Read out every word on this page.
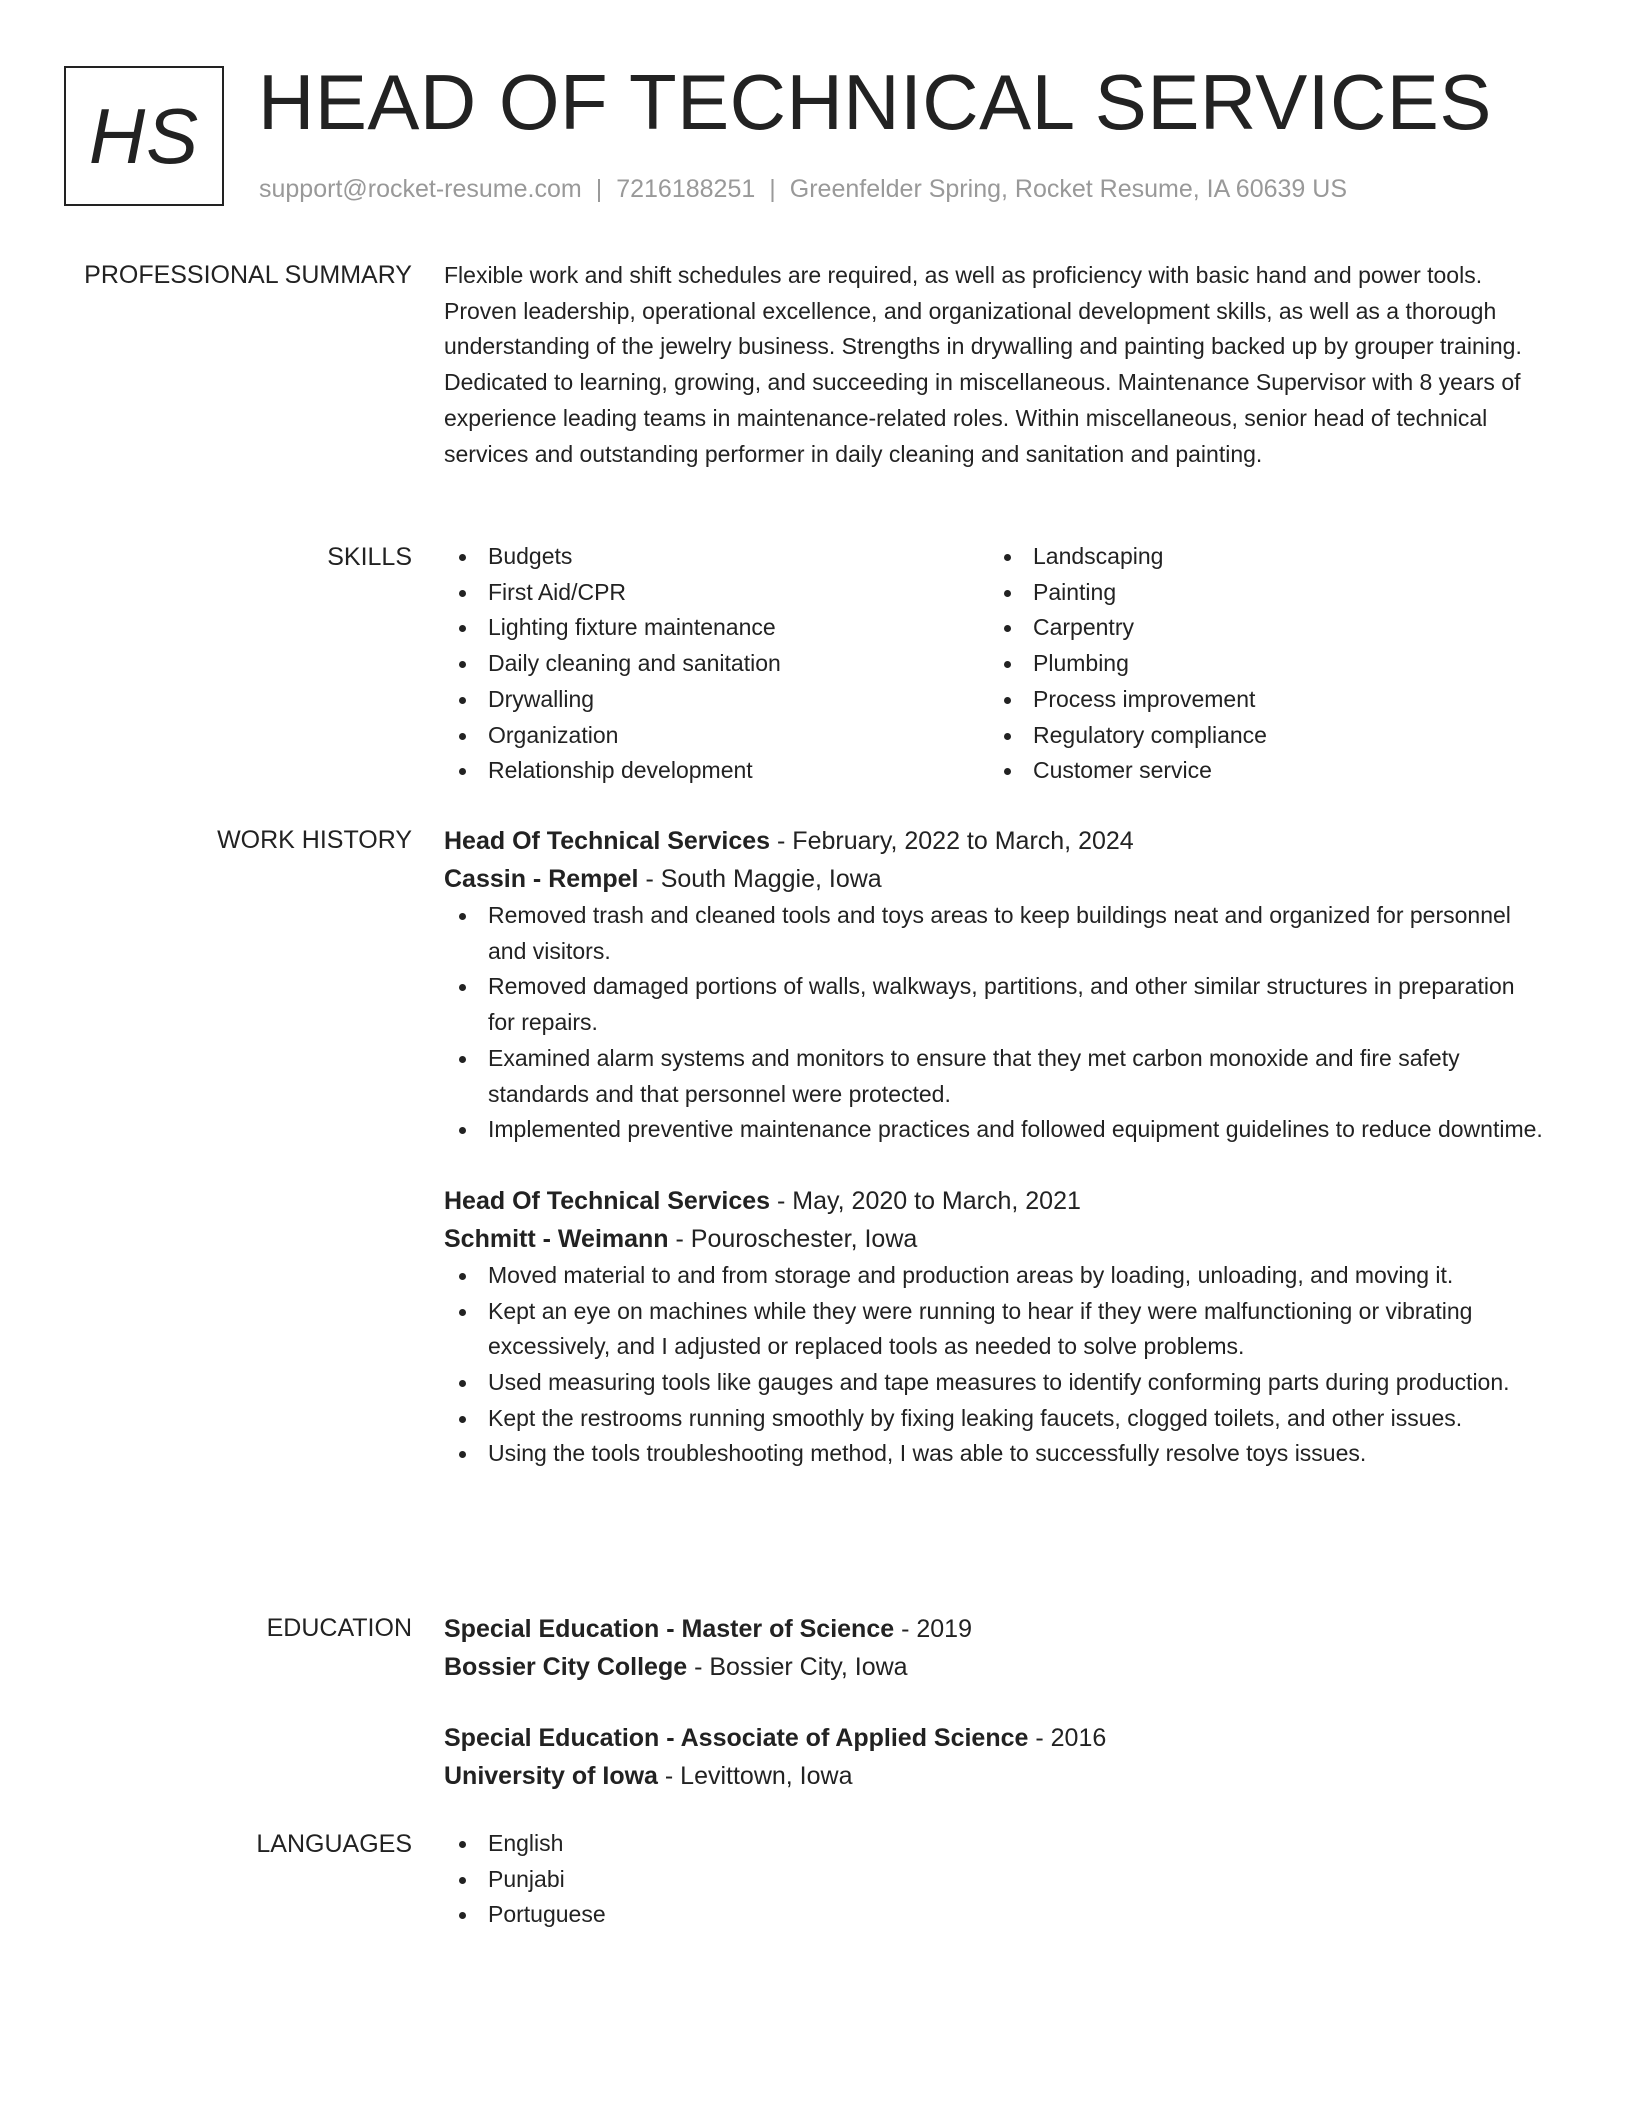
HS HEAD OF TECHNICAL SERVICES
support@rocket-resume.com | 7216188251 | Greenfelder Spring, Rocket Resume, IA 60639 US
PROFESSIONAL SUMMARY Flexible work and shift schedules are required, as well as proficiency with basic hand and power tools. Proven leadership, operational excellence, and organizational development skills, as well as a thorough understanding of the jewelry business. Strengths in drywalling and painting backed up by grouper training. Dedicated to learning, growing, and succeeding in miscellaneous. Maintenance Supervisor with 8 years of experience leading teams in maintenance-related roles. Within miscellaneous, senior head of technical services and outstanding performer in daily cleaning and sanitation and painting.

SKILLS	Budgets
First Aid/CPR
Lighting fixture maintenance
Daily cleaning and sanitation
Drywalling
Organization
Relationship development
Landscaping
Painting
Carpentry
Plumbing
Process improvement
Regulatory compliance
Customer service
WORK HISTORY Head Of Technical Services - February, 2022 to March, 2024
Cassin - Rempel - South Maggie, Iowa
Removed trash and cleaned tools and toys areas to keep buildings neat and organized for personnel and visitors.
Removed damaged portions of walls, walkways, partitions, and other similar structures in preparation for repairs.
Examined alarm systems and monitors to ensure that they met carbon monoxide and fire safety standards and that personnel were protected.
Implemented preventive maintenance practices and followed equipment guidelines to reduce downtime.
Head Of Technical Services - May, 2020 to March, 2021
Schmitt - Weimann - Pouroschester, Iowa
Moved material to and from storage and production areas by loading, unloading, and moving it.
Kept an eye on machines while they were running to hear if they were malfunctioning or vibrating excessively, and I adjusted or replaced tools as needed to solve problems.
Used measuring tools like gauges and tape measures to identify conforming parts during production.
Kept the restrooms running smoothly by fixing leaking faucets, clogged toilets, and other issues.
Using the tools troubleshooting method, I was able to successfully resolve toys issues.
EDUCATION Special Education - Master of Science - 2019
Bossier City College - Bossier City, Iowa
Special Education - Associate of Applied Science - 2016
University of Iowa - Levittown, Iowa
LANGUAGES	English
Punjabi
Portuguese
